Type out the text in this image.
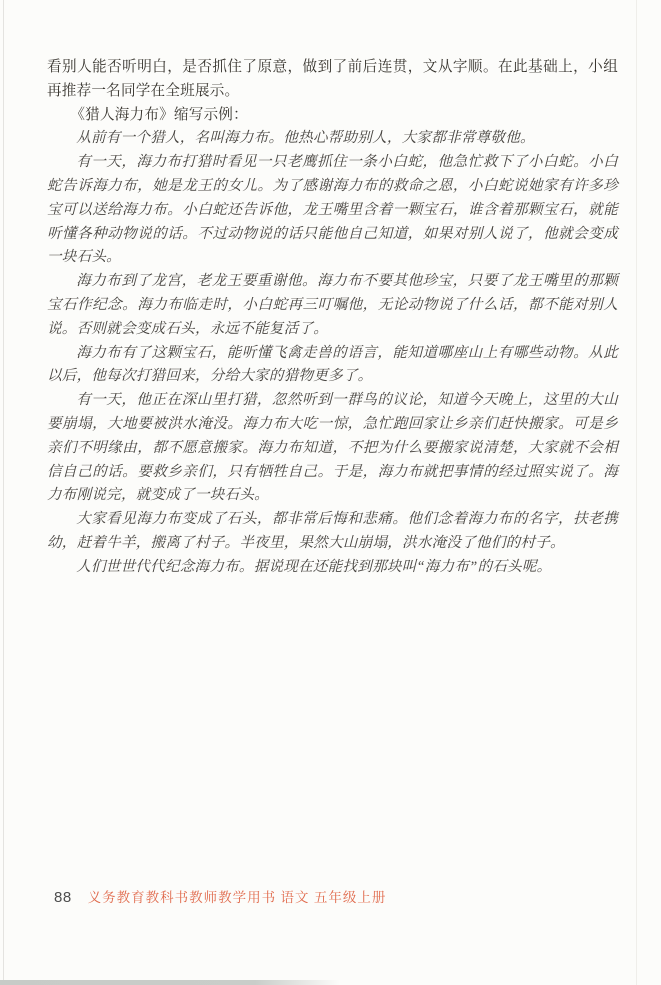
看别人能否听明白，是否抓住了原意，做到了前后连贯，文从字顺。在此基础上，小组再推荐一名同学在全班展示。

《猎人海力布》缩写示例：

从前有一个猎人，名叫海力布。他热心帮助别人，大家都非常尊敬他。

有一天，海力布打猎时看见一只老鹰抓住一条小白蛇，他急忙救下了小白蛇。小白蛇告诉海力布，她是龙王的女儿。为了感谢海力布的救命之恩，小白蛇说她家有许多珍宝可以送给海力布。小白蛇还告诉他，龙王嘴里含着一颗宝石，谁含着那颗宝石，就能听懂各种动物说的话。不过动物说的话只能他自己知道，如果对别人说了，他就会变成一块石头。

海力布到了龙宫，老龙王要重谢他。海力布不要其他珍宝，只要了龙王嘴里的那颗宝石作纪念。海力布临走时，小白蛇再三叮嘱他，无论动物说了什么话，都不能对别人说。否则就会变成石头，永远不能复活了。

海力布有了这颗宝石，能听懂飞禽走兽的语言，能知道哪座山上有哪些动物。从此以后，他每次打猎回来，分给大家的猎物更多了。

有一天，他正在深山里打猎，忽然听到一群鸟的议论，知道今天晚上，这里的大山要崩塌，大地要被洪水淹没。海力布大吃一惊，急忙跑回家让乡亲们赶快搬家。可是乡亲们不明缘由，都不愿意搬家。海力布知道，不把为什么要搬家说清楚，大家就不会相信自己的话。要救乡亲们，只有牺牲自己。于是，海力布就把事情的经过照实说了。海力布刚说完，就变成了一块石头。

大家看见海力布变成了石头，都非常后悔和悲痛。他们念着海力布的名字，扶老携幼，赶着牛羊，搬离了村子。半夜里，果然大山崩塌，洪水淹没了他们的村子。

人们世世代代纪念海力布。据说现在还能找到那块叫“海力布”的石头呢。

88 义务教育教科书教师教学用书 语文 五年级上册
